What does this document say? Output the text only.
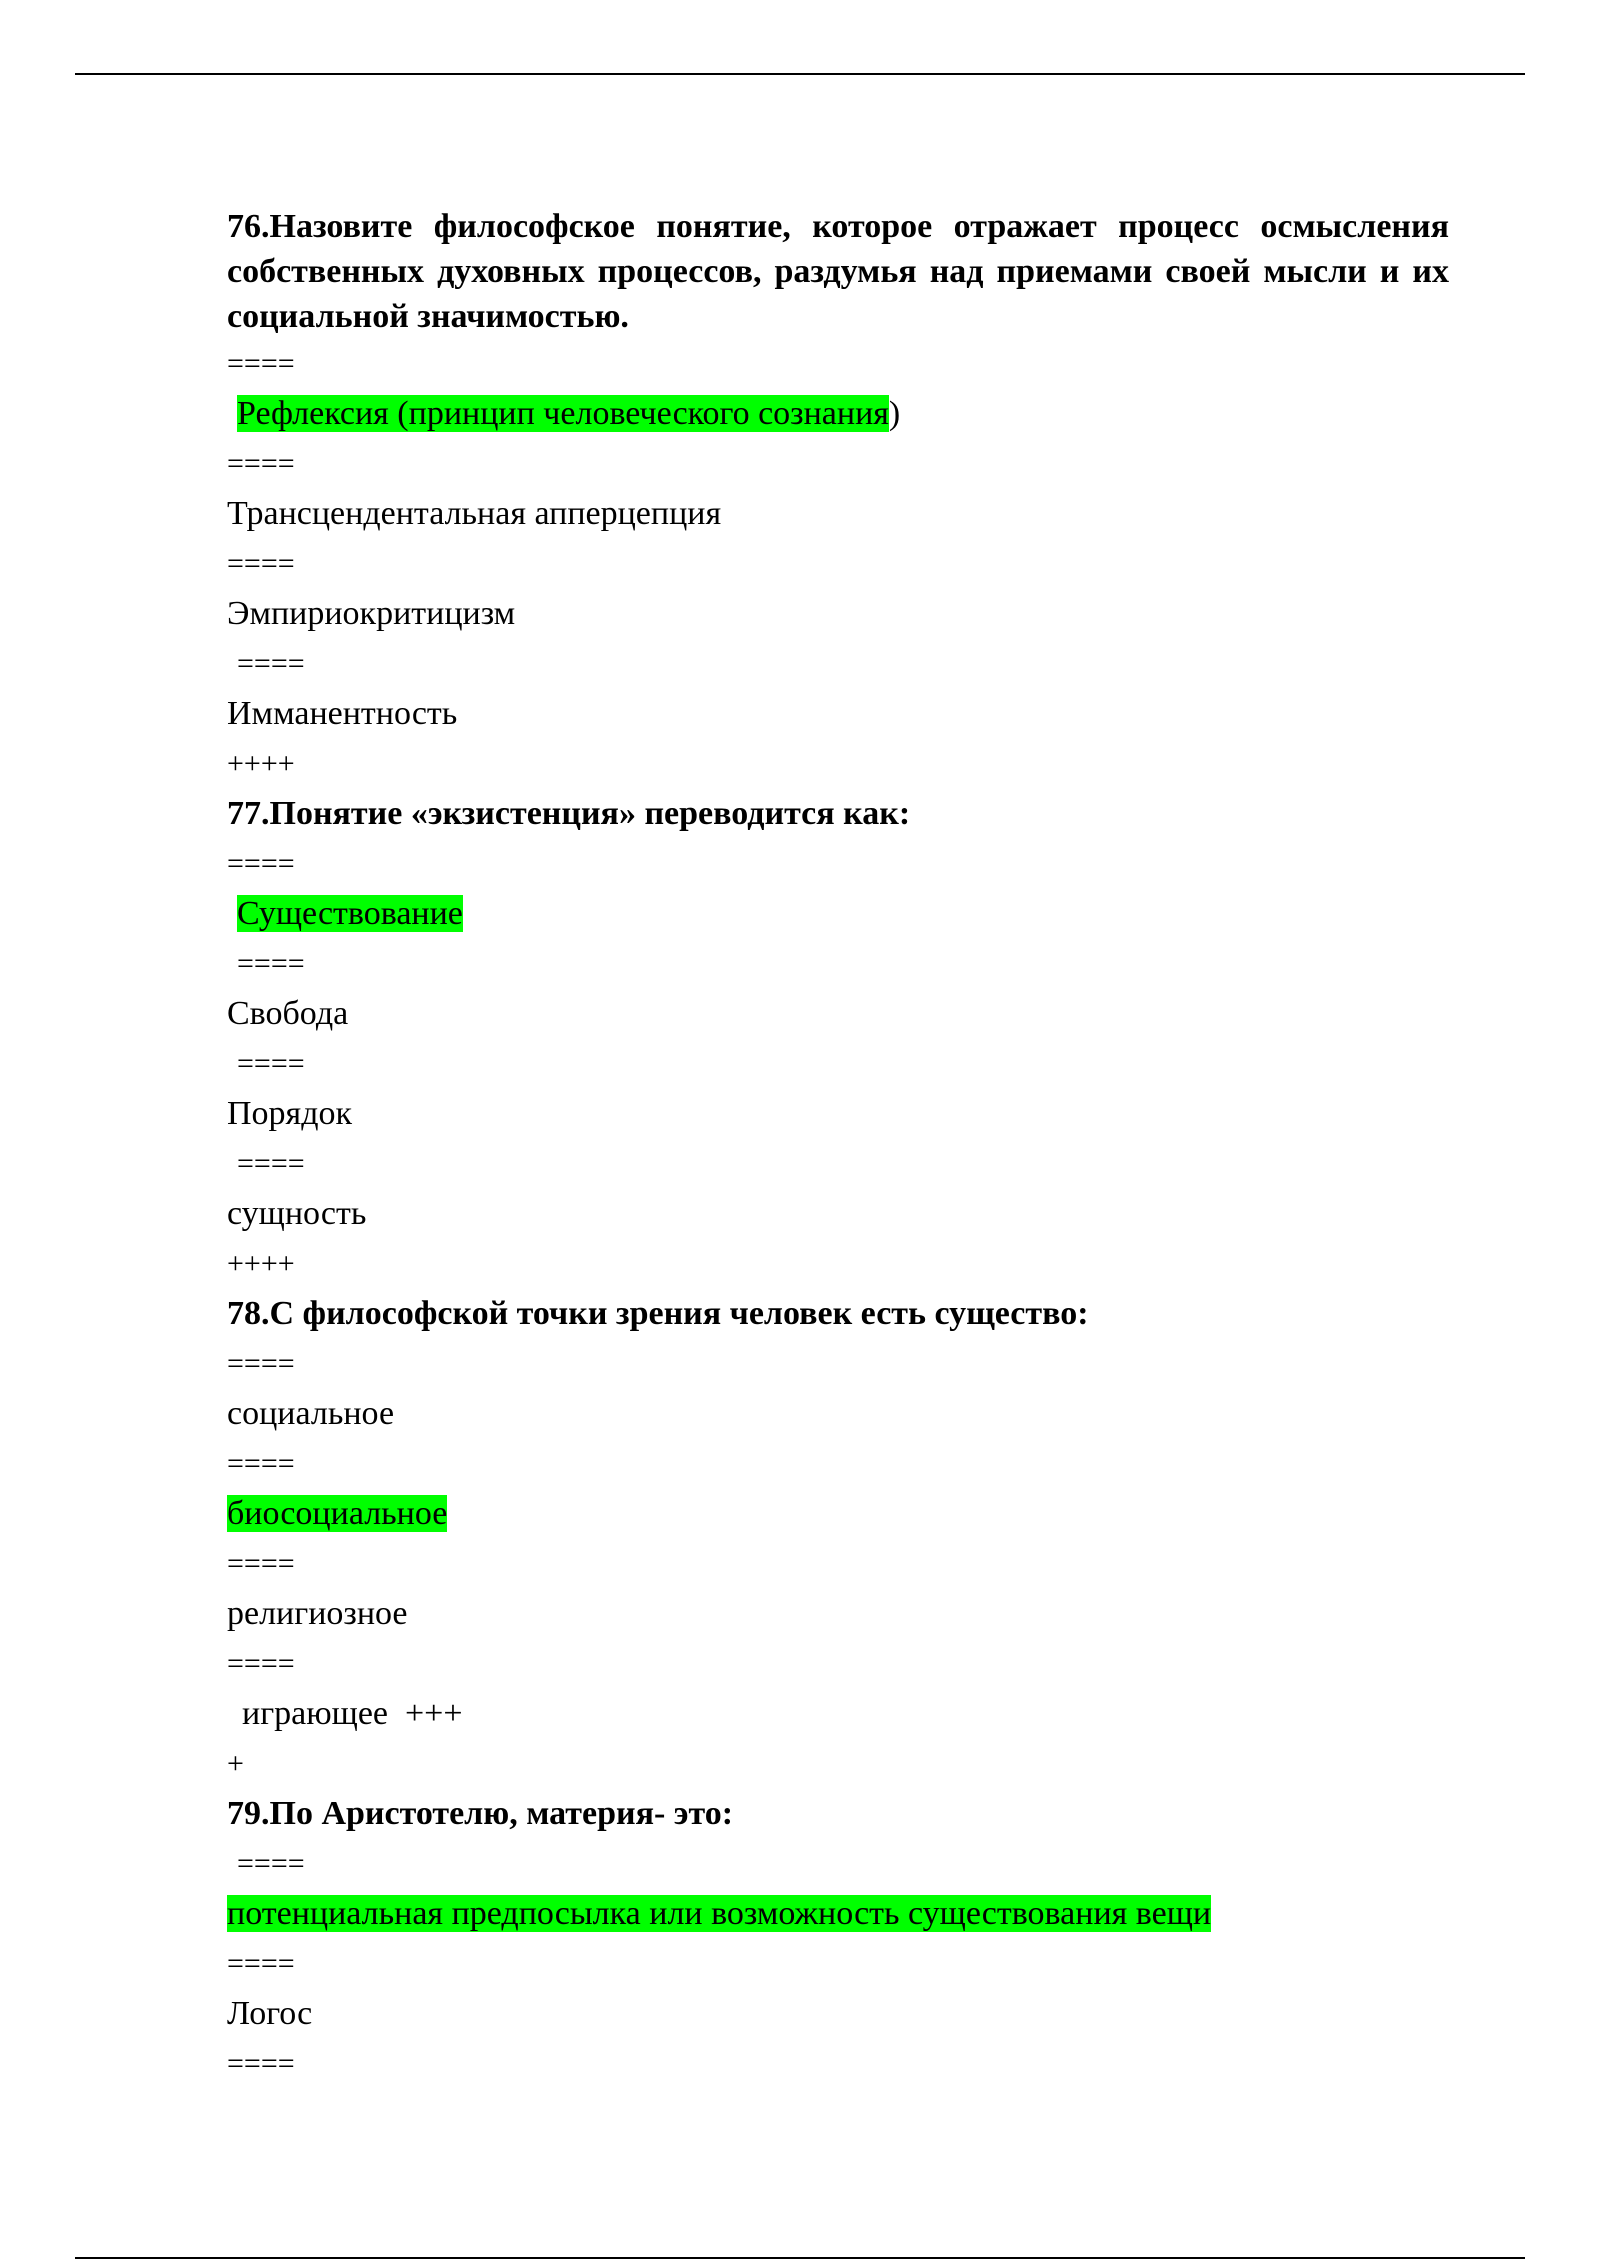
76.Назовите философское понятие, которое отражает процесс осмысления собственных духовных процессов, раздумья над приемами своей мысли и их социальной значимостью.

====
Рефлексия (принцип человеческого сознания)
====
Трансцендентальная апперцепция
====
Эмпириокритицизм
====
Имманентность
++++
77.Понятие «экзистенция» переводится как:
====
Существование
====
Свобода
====
Порядок
====
сущность
++++
78.С философской точки зрения человек есть существо:
====
социальное
====
биосоциальное
====
религиозное
====
играющее  +++
+
79.По Аристотелю, материя- это:
====
потенциальная предпосылка или возможность существования вещи
====
Логос
====
